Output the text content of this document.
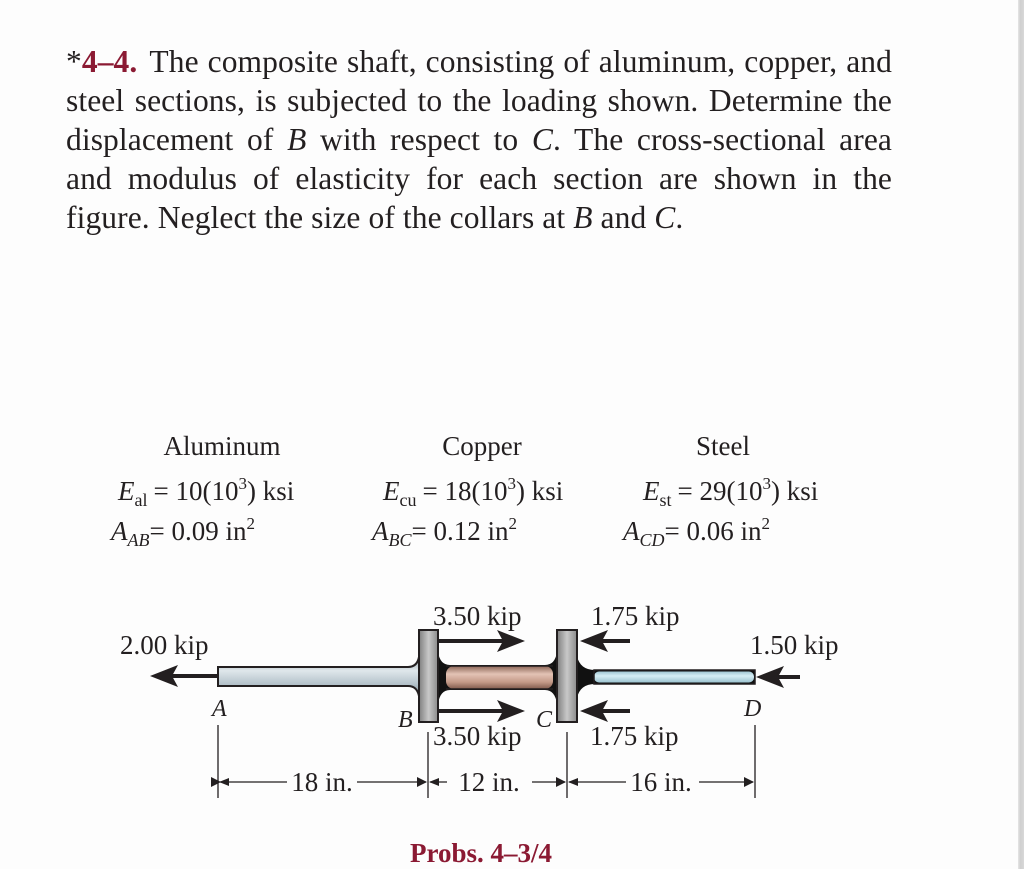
*4–4. The composite shaft, consisting of aluminum, copper, and steel sections, is subjected to the loading shown. Determine the displacement of B with respect to C. The cross-sectional area and modulus of elasticity for each section are shown in the figure. Neglect the size of the collars at B and C.

Aluminum
$E_{al} = 10(10^3)$ ksi
$A_{AB}= 0.09$ $in^2$
Copper
$E_{cu} = 18(10^3)$ ksi
$A_{BC}= 0.12$ $in^2$
Steel
$E_{st} = 29(10^3)$ ksi
$A_{CD}= 0.06$ $in^2$
2.00 kip
3.50 kip
3.50 kip
1.75 kip
1.75 kip
1.50 kip
A	B	C	D
18 in.	12 in.	16 in.
Probs. 4–3/4
